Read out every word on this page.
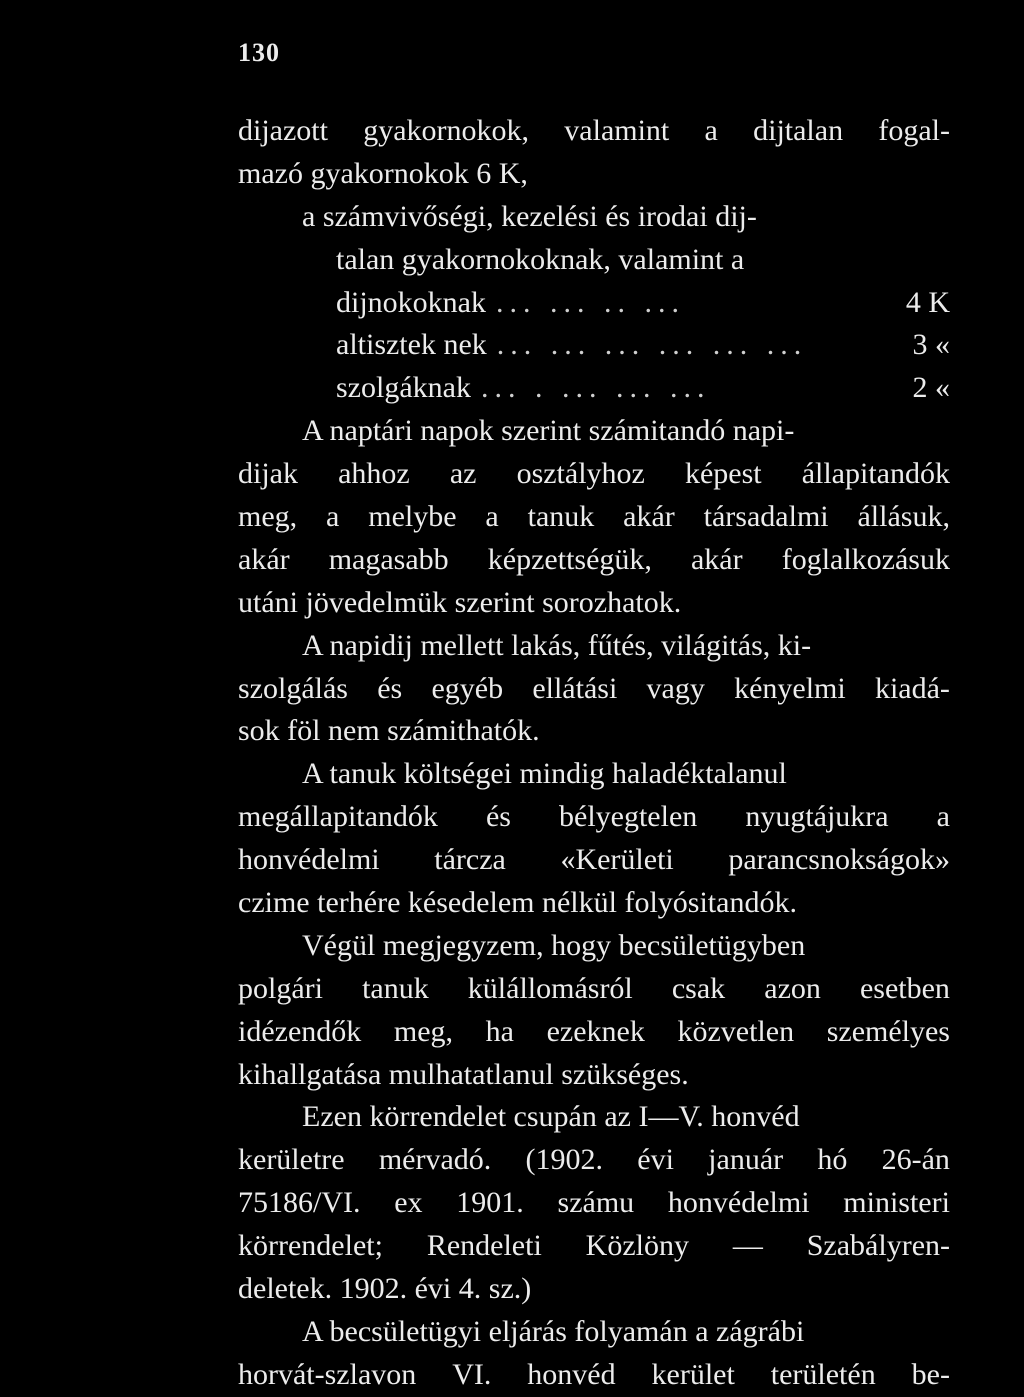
130
dijazott gyakornokok, valamint a dijtalan fogal-
mazó gyakornokok 6 K,
a számvivőségi, kezelési és irodai dij-
talan gyakornokoknak, valamint a
dijnokoknak ... ... .. ...	4 K
altisztek nek ... ... ... ... ... ...	3 «
szolgáknak ... . ... ... ...	2 «
A naptári napok szerint számitandó napi-
dijak ahhoz az osztályhoz képest állapitandók
meg, a melybe a tanuk akár társadalmi állásuk,
akár magasabb képzettségük, akár foglalkozásuk
utáni jövedelmük szerint sorozhatok.
A napidij mellett lakás, fűtés, világitás, ki-
szolgálás és egyéb ellátási vagy kényelmi kiadá-
sok föl nem számithatók.
A tanuk költségei mindig haladéktalanul
megállapitandók és bélyegtelen nyugtájukra a
honvédelmi tárcza «Kerületi parancsnokságok»
czime terhére késedelem nélkül folyósitandók.
Végül megjegyzem, hogy becsületügyben
polgári tanuk külállomásról csak azon esetben
idézendők meg, ha ezeknek közvetlen személyes
kihallgatása mulhatatlanul szükséges.
Ezen körrendelet csupán az I—V. honvéd
kerületre mérvadó. (1902. évi január hó 26-án
75186/VI. ex 1901. számu honvédelmi ministeri
körrendelet; Rendeleti Közlöny — Szabályren-
deletek. 1902. évi 4. sz.)
A becsületügyi eljárás folyamán a zágrábi
horvát-szlavon VI. honvéd kerület területén be-
